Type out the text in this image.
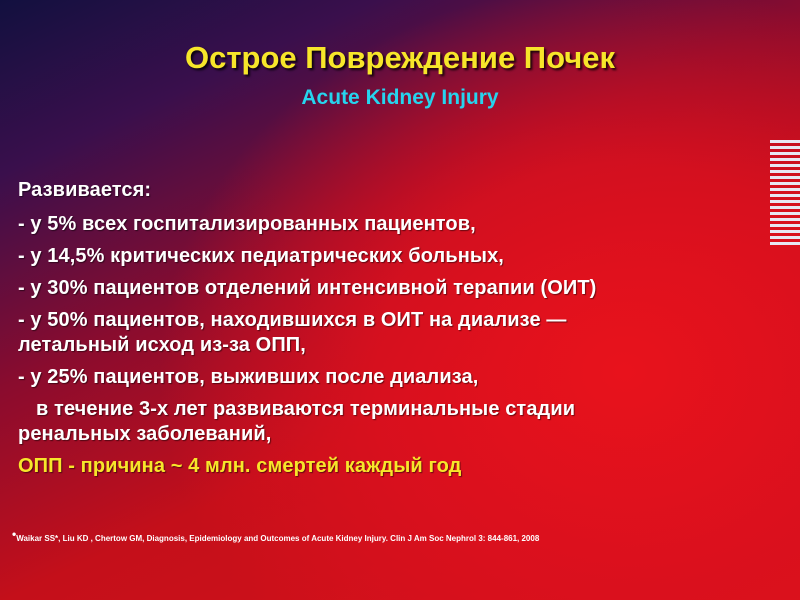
Острое Повреждение Почек
Acute Kidney Injury
Развивается:
- у 5% всех госпитализированных пациентов,
- у 14,5% критических педиатрических больных,
- у 30% пациентов отделений интенсивной терапии (ОИТ)
- у 50% пациентов, находившихся в ОИТ на диализе —
летальный исход из-за ОПП,
- у 25% пациентов, выживших после диализа,
в течение 3-х лет развиваются терминальные стадии
ренальных заболеваний,
ОПП - причина ~ 4 млн. смертей каждый год
•Waikar SS*, Liu KD , Chertow GM, Diagnosis, Epidemiology and Outcomes of Acute Kidney Injury. Clin J Am Soc Nephrol 3: 844-861, 2008
